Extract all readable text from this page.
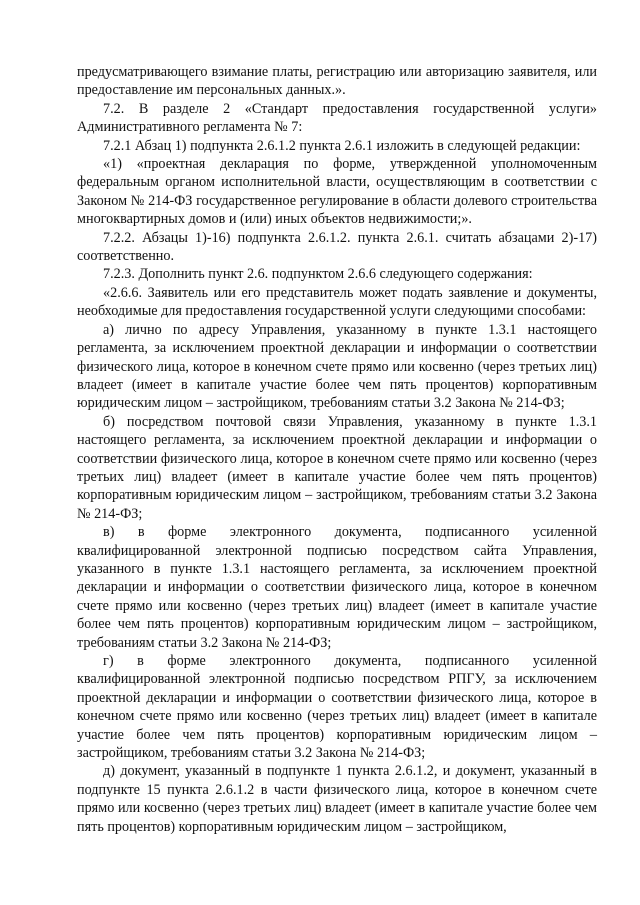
предусматривающего взимание платы, регистрацию или авторизацию заявителя, или предоставление им персональных данных.».

7.2. В разделе 2 «Стандарт предоставления государственной услуги» Административного регламента № 7:

7.2.1 Абзац 1) подпункта 2.6.1.2 пункта 2.6.1 изложить в следующей редакции:

«1) «проектная декларация по форме, утвержденной уполномоченным федеральным органом исполнительной власти, осуществляющим в соответствии с Законом № 214-ФЗ государственное регулирование в области долевого строительства многоквартирных домов и (или) иных объектов недвижимости;».

7.2.2. Абзацы 1)-16) подпункта 2.6.1.2. пункта 2.6.1. считать абзацами 2)-17) соответственно.

7.2.3. Дополнить пункт 2.6. подпунктом 2.6.6 следующего содержания:

«2.6.6. Заявитель или его представитель может подать заявление и документы, необходимые для предоставления государственной услуги следующими способами:

а) лично по адресу Управления, указанному в пункте 1.3.1 настоящего регламента, за исключением проектной декларации и информации о соответствии физического лица, которое в конечном счете прямо или косвенно (через третьих лиц) владеет (имеет в капитале участие более чем пять процентов) корпоративным юридическим лицом – застройщиком, требованиям статьи 3.2 Закона № 214-ФЗ;

б) посредством почтовой связи Управления, указанному в пункте 1.3.1 настоящего регламента, за исключением проектной декларации и информации о соответствии физического лица, которое в конечном счете прямо или косвенно (через третьих лиц) владеет (имеет в капитале участие более чем пять процентов) корпоративным юридическим лицом – застройщиком, требованиям статьи 3.2 Закона № 214-ФЗ;

в) в форме электронного документа, подписанного усиленной квалифицированной электронной подписью посредством сайта Управления, указанного в пункте 1.3.1 настоящего регламента, за исключением проектной декларации и информации о соответствии физического лица, которое в конечном счете прямо или косвенно (через третьих лиц) владеет (имеет в капитале участие более чем пять процентов) корпоративным юридическим лицом – застройщиком, требованиям статьи 3.2 Закона № 214-ФЗ;

г) в форме электронного документа, подписанного усиленной квалифицированной электронной подписью посредством РПГУ, за исключением проектной декларации и информации о соответствии физического лица, которое в конечном счете прямо или косвенно (через третьих лиц) владеет (имеет в капитале участие более чем пять процентов) корпоративным юридическим лицом – застройщиком, требованиям статьи 3.2 Закона № 214-ФЗ;

д) документ, указанный в подпункте 1 пункта 2.6.1.2, и документ, указанный в подпункте 15 пункта 2.6.1.2 в части физического лица, которое в конечном счете прямо или косвенно (через третьих лиц) владеет (имеет в капитале участие более чем пять процентов) корпоративным юридическим лицом – застройщиком,
